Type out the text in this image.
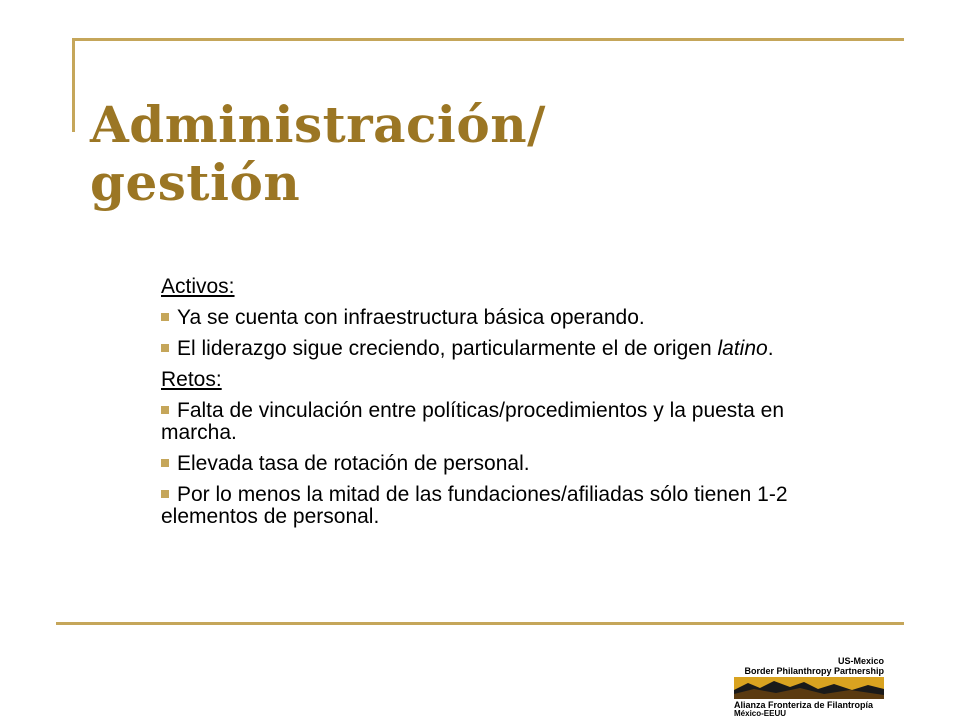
Administración/
gestión
Activos:
Ya se cuenta con infraestructura básica operando.
El liderazgo sigue creciendo, particularmente el de origen latino.
Retos:
Falta de vinculación entre políticas/procedimientos y la puesta en marcha.
Elevada tasa de rotación de personal.
Por lo menos la mitad de las fundaciones/afiliadas sólo tienen 1-2 elementos de personal.
US-Mexico
Border Philanthropy Partnership
Alianza Fronteriza de Filantropía
México-EEUU
